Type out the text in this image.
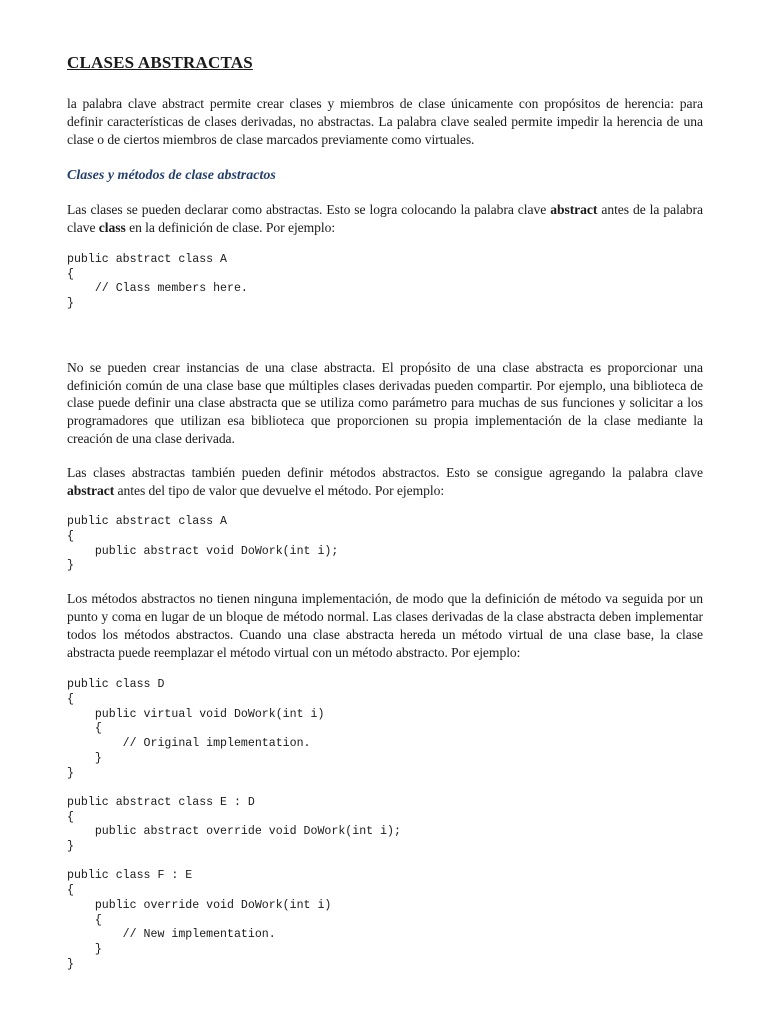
CLASES ABSTRACTAS

la palabra clave abstract permite crear clases y miembros de clase únicamente con propósitos de herencia: para definir características de clases derivadas, no abstractas. La palabra clave sealed permite impedir la herencia de una clase o de ciertos miembros de clase marcados previamente como virtuales.

Clases y métodos de clase abstractos

Las clases se pueden declarar como abstractas. Esto se logra colocando la palabra clave abstract antes de la palabra clave class en la definición de clase. Por ejemplo:

public abstract class A
{
// Class members here.
}

No se pueden crear instancias de una clase abstracta. El propósito de una clase abstracta es proporcionar una definición común de una clase base que múltiples clases derivadas pueden compartir. Por ejemplo, una biblioteca de clase puede definir una clase abstracta que se utiliza como parámetro para muchas de sus funciones y solicitar a los programadores que utilizan esa biblioteca que proporcionen su propia implementación de la clase mediante la creación de una clase derivada.

Las clases abstractas también pueden definir métodos abstractos. Esto se consigue agregando la palabra clave abstract antes del tipo de valor que devuelve el método. Por ejemplo:

public abstract class A
{
public abstract void DoWork(int i);
}

Los métodos abstractos no tienen ninguna implementación, de modo que la definición de método va seguida por un punto y coma en lugar de un bloque de método normal. Las clases derivadas de la clase abstracta deben implementar todos los métodos abstractos. Cuando una clase abstracta hereda un método virtual de una clase base, la clase abstracta puede reemplazar el método virtual con un método abstracto. Por ejemplo:

public class D
{
public virtual void DoWork(int i)
{
// Original implementation.
}
}
public abstract class E : D
{
public abstract override void DoWork(int i);
}
public class F : E
{
public override void DoWork(int i)
{
// New implementation.
}
}
